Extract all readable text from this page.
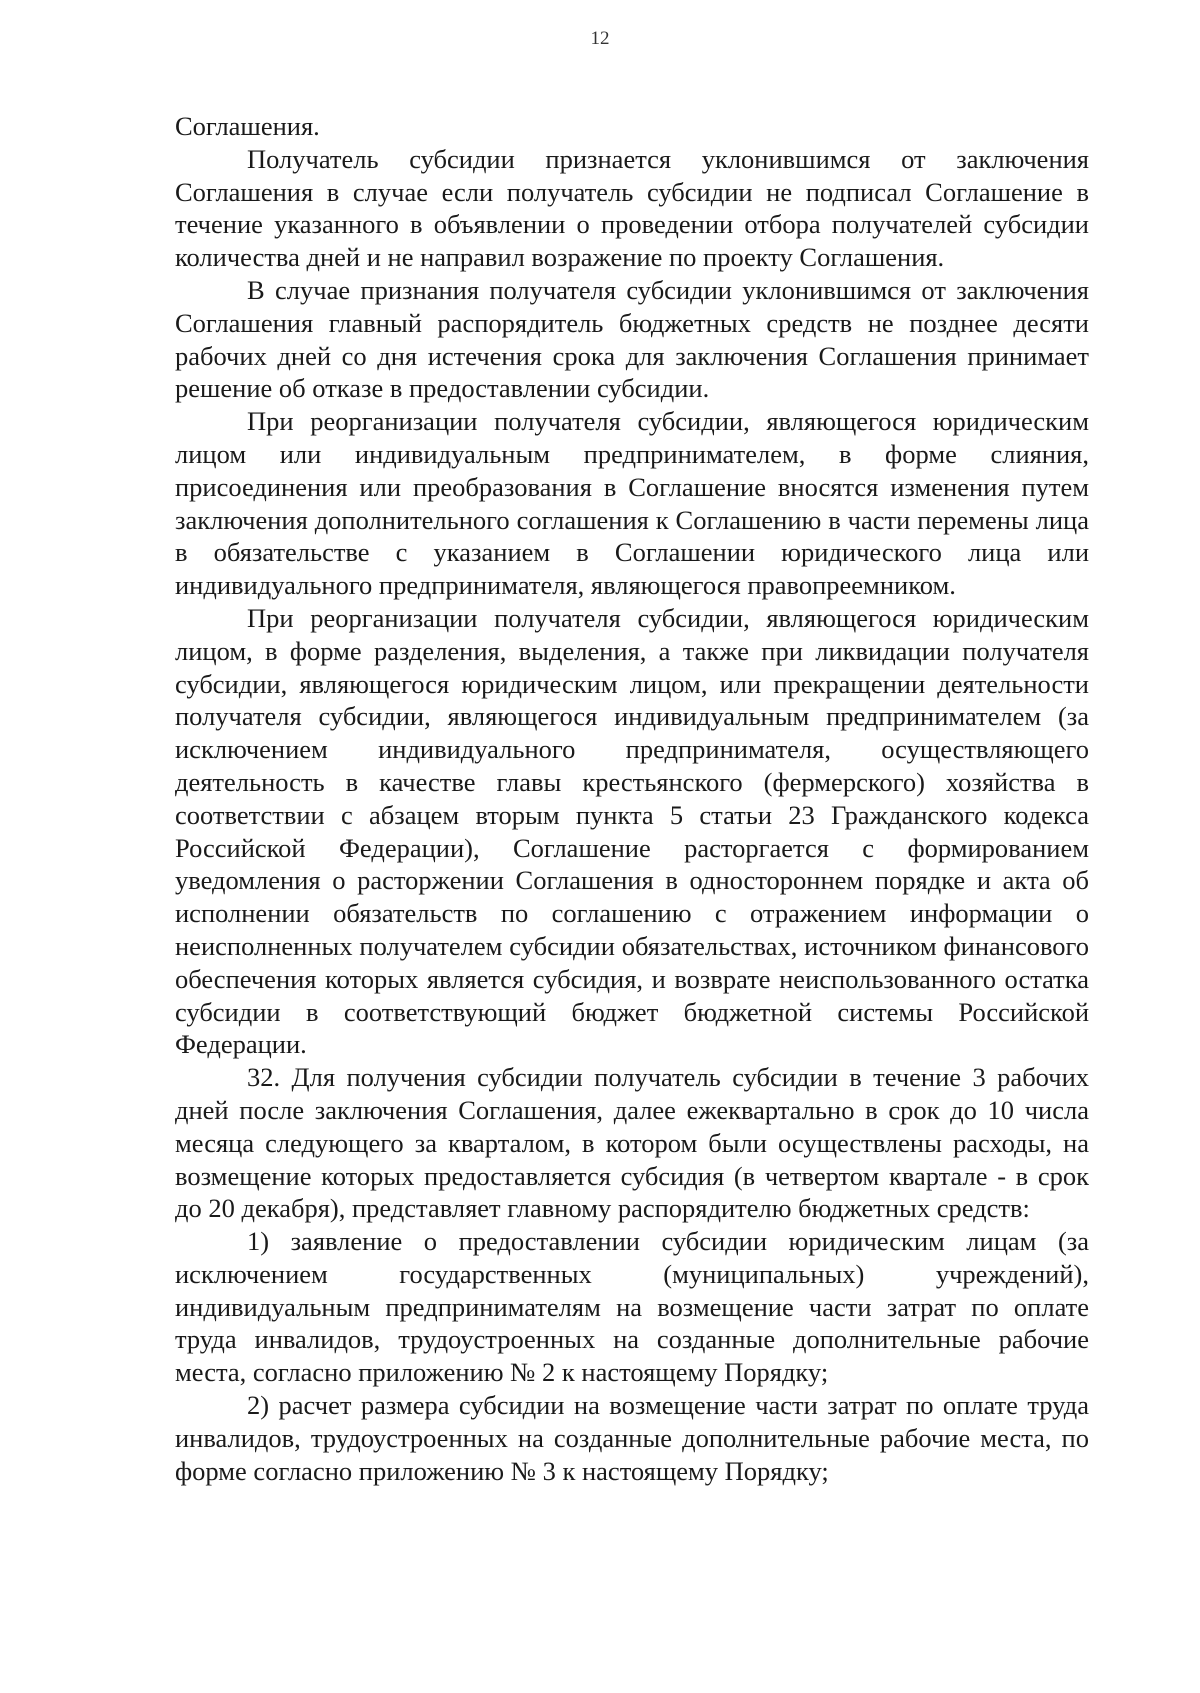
12

Соглашения.

Получатель субсидии признается уклонившимся от заключения Соглашения в случае если получатель субсидии не подписал Соглашение в течение указанного в объявлении о проведении отбора получателей субсидии количества дней и не направил возражение по проекту Соглашения.

В случае признания получателя субсидии уклонившимся от заключения Соглашения главный распорядитель бюджетных средств не позднее десяти рабочих дней со дня истечения срока для заключения Соглашения принимает решение об отказе в предоставлении субсидии.

При реорганизации получателя субсидии, являющегося юридическим лицом или индивидуальным предпринимателем, в форме слияния, присоединения или преобразования в Соглашение вносятся изменения путем заключения дополнительного соглашения к Соглашению в части перемены лица в обязательстве с указанием в Соглашении юридического лица или индивидуального предпринимателя, являющегося правопреемником.

При реорганизации получателя субсидии, являющегося юридическим лицом, в форме разделения, выделения, а также при ликвидации получателя субсидии, являющегося юридическим лицом, или прекращении деятельности получателя субсидии, являющегося индивидуальным предпринимателем (за исключением индивидуального предпринимателя, осуществляющего деятельность в качестве главы крестьянского (фермерского) хозяйства в соответствии с абзацем вторым пункта 5 статьи 23 Гражданского кодекса Российской Федерации), Соглашение расторгается с формированием уведомления о расторжении Соглашения в одностороннем порядке и акта об исполнении обязательств по соглашению с отражением информации о неисполненных получателем субсидии обязательствах, источником финансового обеспечения которых является субсидия, и возврате неиспользованного остатка субсидии в соответствующий бюджет бюджетной системы Российской Федерации.

32. Для получения субсидии получатель субсидии в течение 3 рабочих дней после заключения Соглашения, далее ежеквартально в срок до 10 числа месяца следующего за кварталом, в котором были осуществлены расходы, на возмещение которых предоставляется субсидия (в четвертом квартале - в срок до 20 декабря), представляет главному распорядителю бюджетных средств:

1) заявление о предоставлении субсидии юридическим лицам (за исключением государственных (муниципальных) учреждений), индивидуальным предпринимателям на возмещение части затрат по оплате труда инвалидов, трудоустроенных на созданные дополнительные рабочие места, согласно приложению № 2 к настоящему Порядку;

2) расчет размера субсидии на возмещение части затрат по оплате труда инвалидов, трудоустроенных на созданные дополнительные рабочие места, по форме согласно приложению № 3 к настоящему Порядку;
